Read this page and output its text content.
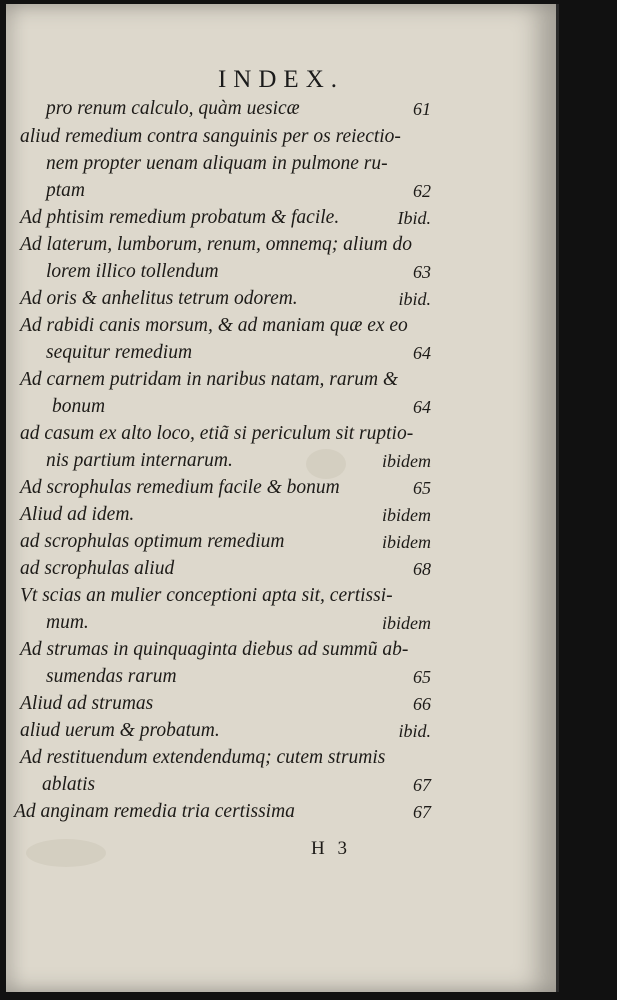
INDEX.
pro renum calculo, quàm uesicæ	61
aliud remedium contra sanguinis per os reiectio-
nem propter uenam aliquam in pulmone ru-
ptam	62
Ad phtisim remedium probatum & facile.	Ibid.
Ad laterum, lumborum, renum, omnemq; alium do
lorem illico tollendum	63
Ad oris & anhelitus tetrum odorem.	ibid.
Ad rabidi canis morsum, & ad maniam quæ ex eo
sequitur remedium	64
Ad carnem putridam in naribus natam, rarum &
bonum	64
ad casum ex alto loco, etiã si periculum sit ruptio-
nis partium internarum.	ibidem
Ad scrophulas remedium facile & bonum	65
Aliud ad idem.	ibidem
ad scrophulas optimum remedium	ibidem
ad scrophulas aliud	68
Vt scias an mulier conceptioni apta sit, certissi-
mum.	ibidem
Ad strumas in quinquaginta diebus ad summũ ab-
sumendas rarum	65
Aliud ad strumas	66
aliud uerum & probatum.	ibid.
Ad restituendum extendendumq; cutem strumis
ablatis	67
Ad anginam remedia tria certissima	67
H 3
